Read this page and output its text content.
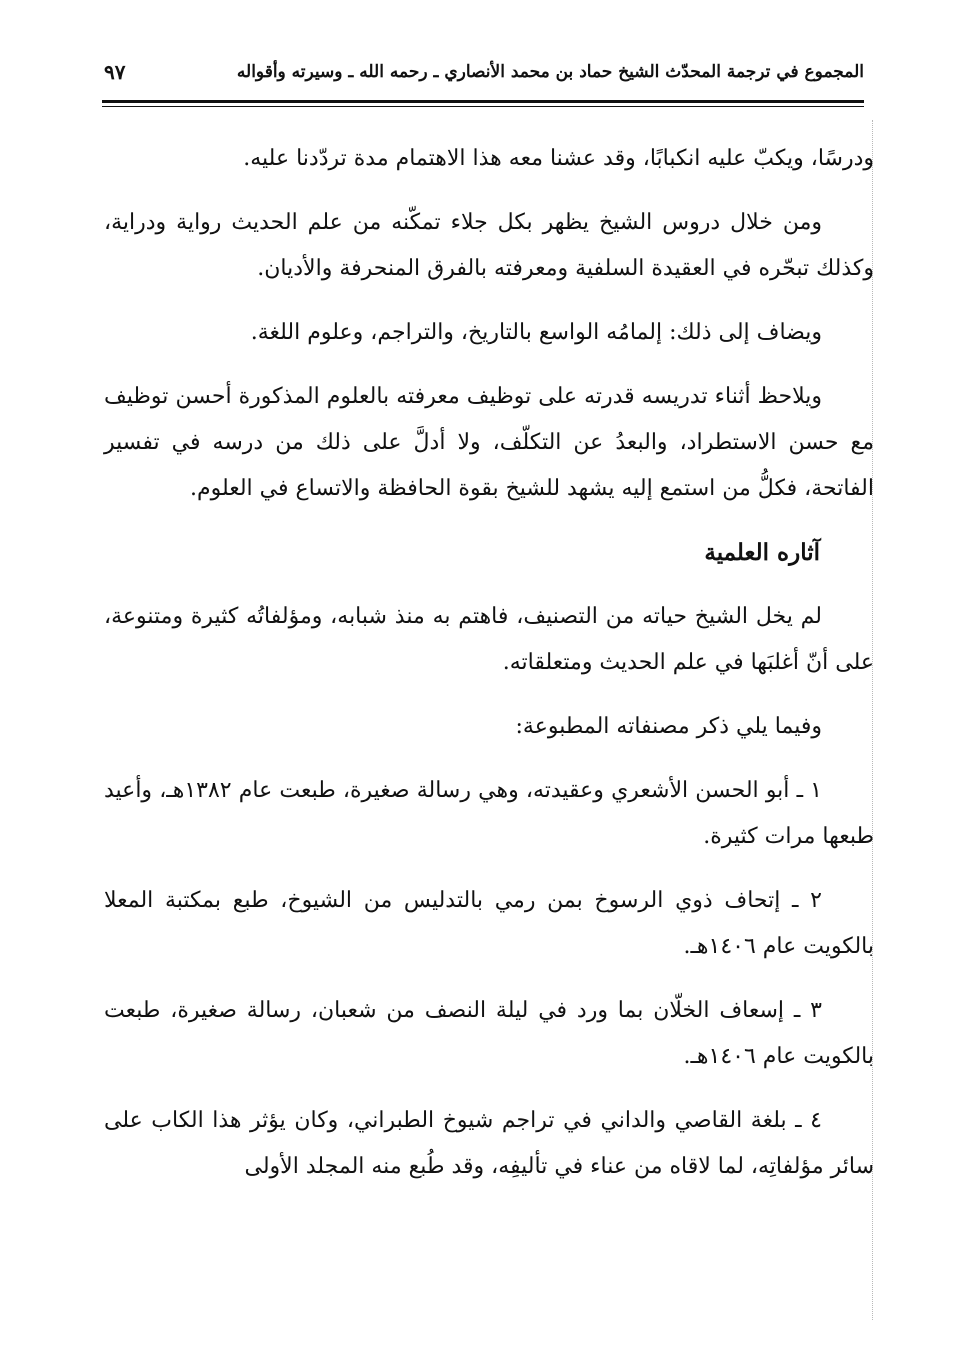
المجموع في ترجمة المحدّث الشيخ حماد بن محمد الأنصاري ـ رحمه الله ـ وسيرته وأقواله
٩٧

ودرسًا، ويكبّ عليه انكبابًا، وقد عشنا معه هذا الاهتمام مدة تردّدنا عليه.

ومن خلال دروس الشيخ يظهر بكل جلاء تمكّنه من علم الحديث رواية ودراية، وكذلك تبحّره في العقيدة السلفية ومعرفته بالفرق المنحرفة والأديان.

ويضاف إلى ذلك: إلمامُه الواسع بالتاريخ، والتراجم، وعلوم اللغة.

ويلاحظ أثناء تدريسه قدرته على توظيف معرفته بالعلوم المذكورة أحسن توظيف مع حسن الاستطراد، والبعدُ عن التكلّف، ولا أدلَّ على ذلك من درسه في تفسير الفاتحة، فكلُّ من استمع إليه يشهد للشيخ بقوة الحافظة والاتساع في العلوم.

آثاره العلمية

لم يخل الشيخ حياته من التصنيف، فاهتم به منذ شبابه، ومؤلفاتُه كثيرة ومتنوعة، على أنّ أغلبَها في علم الحديث ومتعلقاته.

وفيما يلي ذكر مصنفاته المطبوعة:

١ ـ أبو الحسن الأشعري وعقيدته، وهي رسالة صغيرة، طبعت عام ١٣٨٢هـ، وأعيد طبعها مرات كثيرة.

٢ ـ إتحاف ذوي الرسوخ بمن رمي بالتدليس من الشيوخ، طبع بمكتبة المعلا بالكويت عام ١٤٠٦هـ.

٣ ـ إسعاف الخلّان بما ورد في ليلة النصف من شعبان، رسالة صغيرة، طبعت بالكويت عام ١٤٠٦هـ.

٤ ـ بلغة القاصي والداني في تراجم شيوخ الطبراني، وكان يؤثر هذا الكاب على سائر مؤلفاتِه، لما لاقاه من عناء في تأليفِه، وقد طُبع منه المجلد الأولى
